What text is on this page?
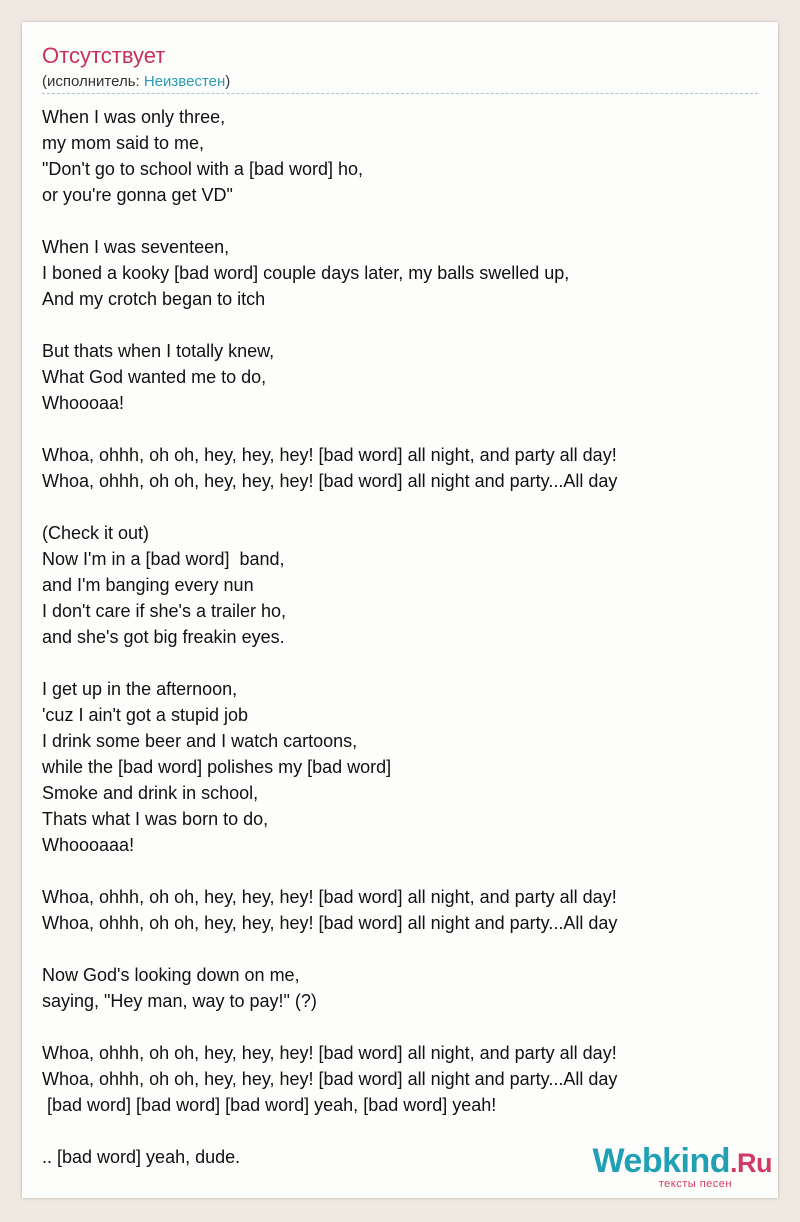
Отсутствует
(исполнитель: Неизвестен)
When I was only three,
my mom said to me,
"Don't go to school with a [bad word] ho,
or you're gonna get VD"
When I was seventeen,
I boned a kooky [bad word] couple days later, my balls swelled up,
And my crotch began to itch
But thats when I totally knew,
What God wanted me to do,
Whoooaa!
Whoa, ohhh, oh oh, hey, hey, hey! [bad word] all night, and party all day!
Whoa, ohhh, oh oh, hey, hey, hey! [bad word] all night and party...All day
(Check it out)
Now I'm in a [bad word]  band,
and I'm banging every nun
I don't care if she's a trailer ho,
and she's got big freakin eyes.
I get up in the afternoon,
'cuz I ain't got a stupid job
I drink some beer and I watch cartoons,
while the [bad word] polishes my [bad word]
Smoke and drink in school,
Thats what I was born to do,
Whoooaaa!
Whoa, ohhh, oh oh, hey, hey, hey! [bad word] all night, and party all day!
Whoa, ohhh, oh oh, hey, hey, hey! [bad word] all night and party...All day
Now God's looking down on me,
saying, "Hey man, way to pay!" (?)
Whoa, ohhh, oh oh, hey, hey, hey! [bad word] all night, and party all day!
Whoa, ohhh, oh oh, hey, hey, hey! [bad word] all night and party...All day
[bad word] [bad word] [bad word] yeah, [bad word] yeah!
.. [bad word] yeah, dude.	Webkind.Ru
тексты песен
